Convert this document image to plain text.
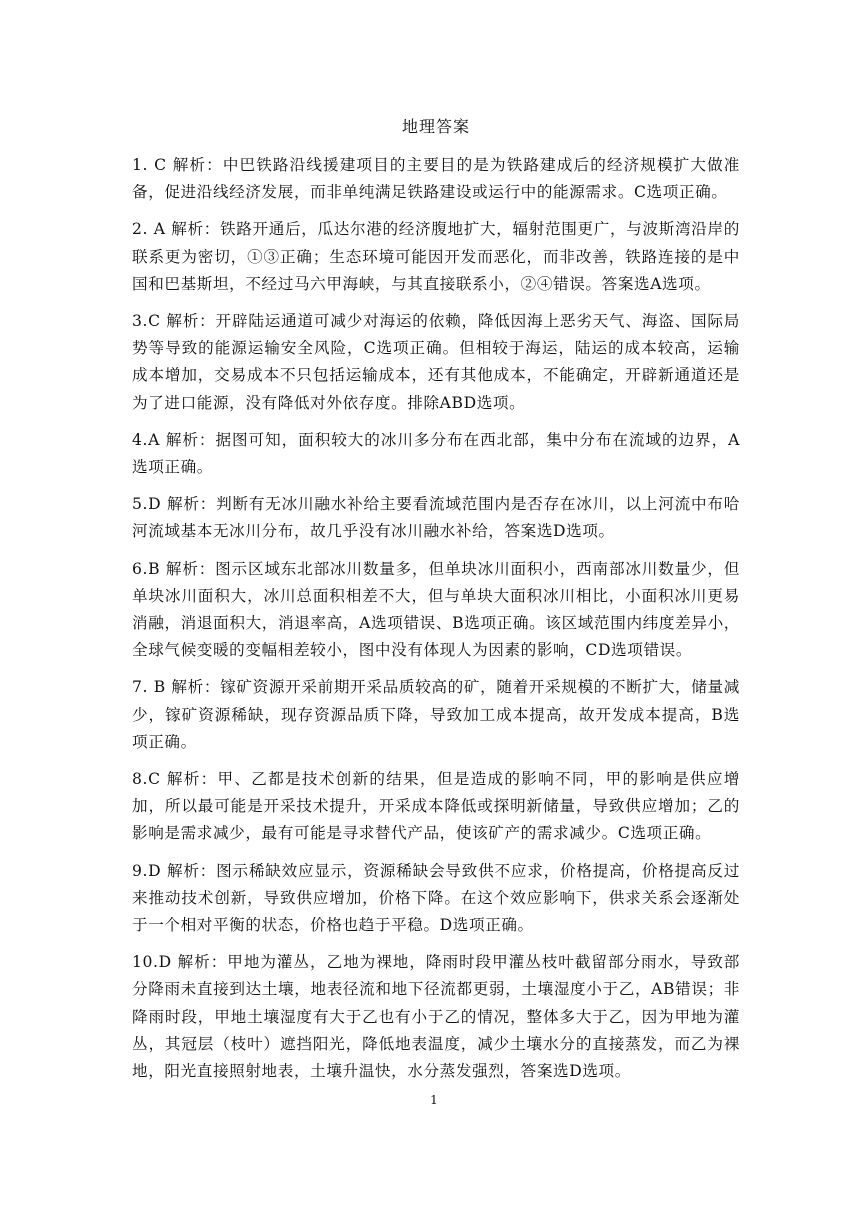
地理答案

1. C 解析：中巴铁路沿线援建项目的主要目的是为铁路建成后的经济规模扩大做准备，促进沿线经济发展，而非单纯满足铁路建设或运行中的能源需求。C选项正确。

2. A 解析：铁路开通后，瓜达尔港的经济腹地扩大，辐射范围更广，与波斯湾沿岸的联系更为密切，①③正确；生态环境可能因开发而恶化，而非改善，铁路连接的是中国和巴基斯坦，不经过马六甲海峡，与其直接联系小，②④错误。答案选A选项。

3.C 解析：开辟陆运通道可减少对海运的依赖，降低因海上恶劣天气、海盗、国际局势等导致的能源运输安全风险，C选项正确。但相较于海运，陆运的成本较高，运输成本增加，交易成本不只包括运输成本，还有其他成本，不能确定，开辟新通道还是为了进口能源，没有降低对外依存度。排除ABD选项。

4.A 解析：据图可知，面积较大的冰川多分布在西北部，集中分布在流域的边界，A选项正确。

5.D 解析：判断有无冰川融水补给主要看流域范围内是否存在冰川，以上河流中布哈河流域基本无冰川分布，故几乎没有冰川融水补给，答案选D选项。

6.B 解析：图示区域东北部冰川数量多，但单块冰川面积小，西南部冰川数量少，但单块冰川面积大，冰川总面积相差不大，但与单块大面积冰川相比，小面积冰川更易消融，消退面积大，消退率高，A选项错误、B选项正确。该区域范围内纬度差异小，全球气候变暖的变幅相差较小，图中没有体现人为因素的影响，CD选项错误。

7. B 解析：镓矿资源开采前期开采品质较高的矿，随着开采规模的不断扩大，储量减少，镓矿资源稀缺，现存资源品质下降，导致加工成本提高，故开发成本提高，B选项正确。

8.C 解析：甲、乙都是技术创新的结果，但是造成的影响不同，甲的影响是供应增加，所以最可能是开采技术提升，开采成本降低或探明新储量，导致供应增加；乙的影响是需求减少，最有可能是寻求替代产品，使该矿产的需求减少。C选项正确。

9.D 解析：图示稀缺效应显示，资源稀缺会导致供不应求，价格提高，价格提高反过来推动技术创新，导致供应增加，价格下降。在这个效应影响下，供求关系会逐渐处于一个相对平衡的状态，价格也趋于平稳。D选项正确。

10.D 解析：甲地为灌丛，乙地为裸地，降雨时段甲灌丛枝叶截留部分雨水，导致部分降雨未直接到达土壤，地表径流和地下径流都更弱，土壤湿度小于乙，AB错误；非降雨时段，甲地土壤湿度有大于乙也有小于乙的情况，整体多大于乙，因为甲地为灌丛，其冠层（枝叶）遮挡阳光，降低地表温度，减少土壤水分的直接蒸发，而乙为裸地，阳光直接照射地表，土壤升温快，水分蒸发强烈，答案选D选项。

1
